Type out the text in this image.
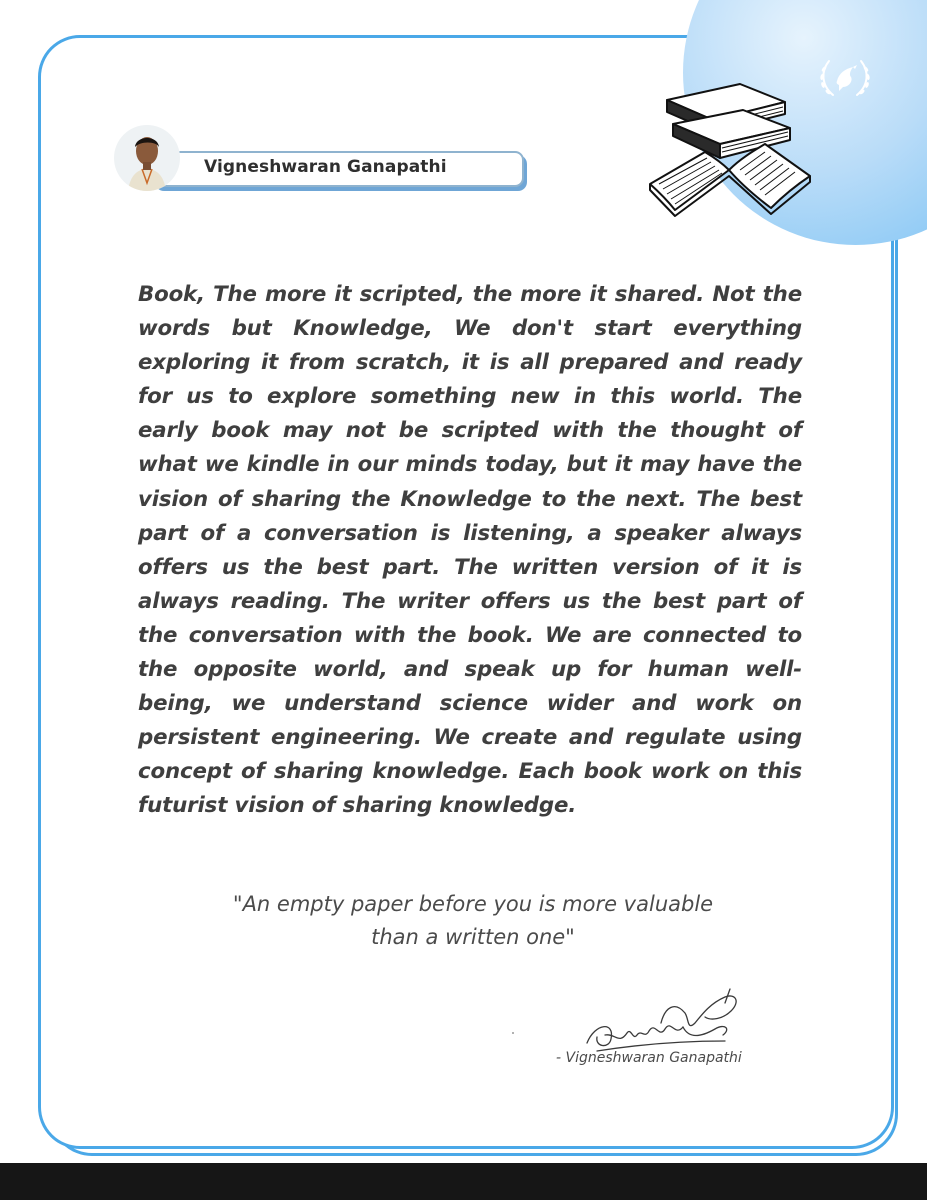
Vigneshwaran Ganapathi

Book, The more it scripted, the more it shared. Not the words but Knowledge, We don't start everything exploring it from scratch, it is all prepared and ready for us to explore something new in this world. The early book may not be scripted with the thought of what we kindle in our minds today, but it may have the vision of sharing the Knowledge to the next. The best part of a conversation is listening, a speaker always offers us the best part. The written version of it is always reading. The writer offers us the best part of the conversation with the book. We are connected to the opposite world, and speak up for human well-being, we understand science wider and work on persistent engineering. We create and regulate using concept of sharing knowledge. Each book work on this futurist vision of sharing knowledge.

"An empty paper before you is more valuable
than a written one"

- Vigneshwaran Ganapathi
